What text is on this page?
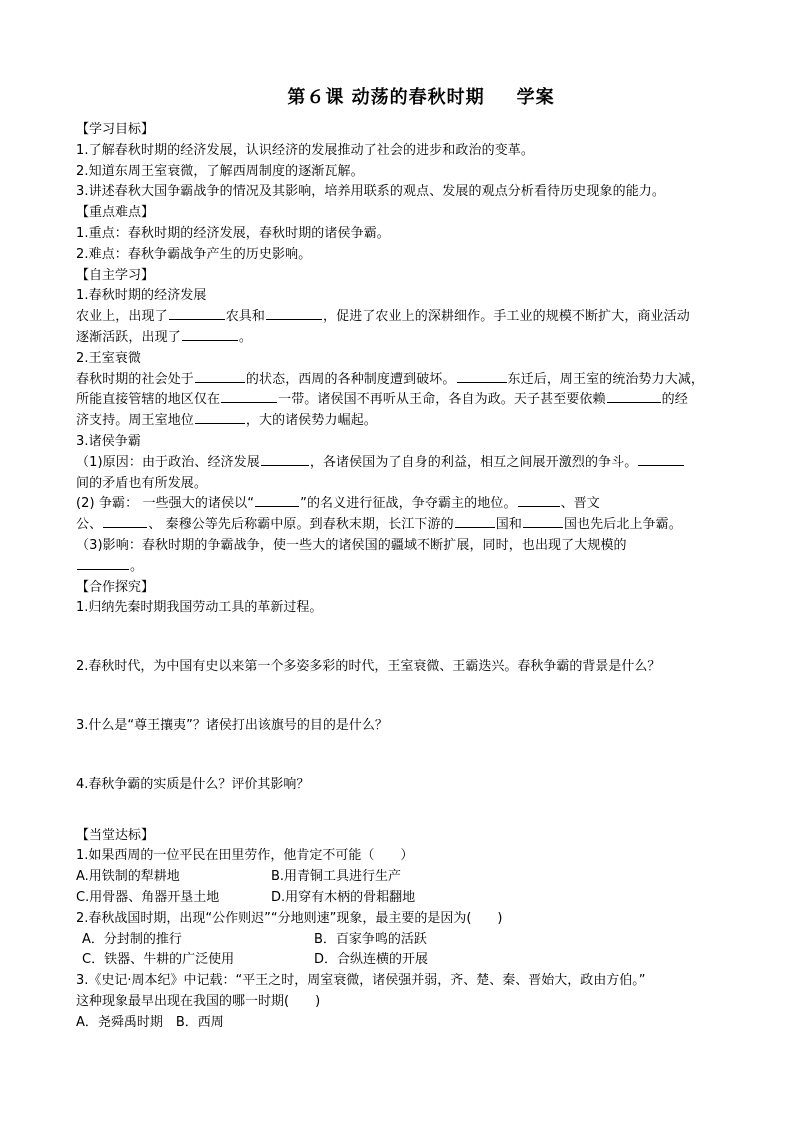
第６课 动荡的春秋时期 学案
【学习目标】
1.了解春秋时期的经济发展，认识经济的发展推动了社会的进步和政治的变革。
2.知道东周王室衰微，了解西周制度的逐渐瓦解。
3.讲述春秋大国争霸战争的情况及其影响，培养用联系的观点、发展的观点分析看待历史现象的能力。
【重点难点】
1.重点：春秋时期的经济发展，春秋时期的诸侯争霸。
2.难点：春秋争霸战争产生的历史影响。
【自主学习】
1.春秋时期的经济发展
农业上，出现了	农具和	，促进了农业上的深耕细作。手工业的规模不断扩大，商业活动
逐渐活跃，出现了	。
2.王室衰微
春秋时期的社会处于	的状态，西周的各种制度遭到破坏。	东迁后，周王室的统治势力大减，
所能直接管辖的地区仅在	一带。诸侯国不再听从王命，各自为政。天子甚至要依赖	的经
济支持。周王室地位	，大的诸侯势力崛起。
3.诸侯争霸
（1)原因：由于政治、经济发展	，各诸侯国为了自身的利益，相互之间展开激烈的争斗。
间的矛盾也有所发展。
(2) 争霸： 一些强大的诸侯以“	”的名义进行征战，争夺霸主的地位。	、晋文
公、	、 秦穆公等先后称霸中原。到春秋末期，长江下游的	国和	国也先后北上争霸。
（3)影响：春秋时期的争霸战争，使一些大的诸侯国的疆域不断扩展，同时，也出现了大规模的
。
【合作探究】
1.归纳先秦时期我国劳动工具的革新过程。
2.春秋时代，为中国有史以来第一个多姿多彩的时代，王室衰微、王霸迭兴。春秋争霸的背景是什么？
3.什么是“尊王攘夷”？诸侯打出该旗号的目的是什么？
4.春秋争霸的实质是什么？评价其影响？
【当堂达标】
1.如果西周的一位平民在田里劳作，他肯定不可能（　　）
A.用铁制的犁耕地	B.用青铜工具进行生产
C.用骨器、角器开垦土地	D.用穿有木柄的骨耜翻地
2.春秋战国时期，出现“公作则迟”“分地则速”现象，最主要的是因为(　　)
A．分封制的推行	B．百家争鸣的活跃
C．铁器、牛耕的广泛使用	D．合纵连横的开展
3.《史记·周本纪》中记载：“平王之时，周室衰微，诸侯强并弱，齐、楚、秦、晋始大，政由方伯。”
这种现象最早出现在我国的哪一时期(　　)
A．尧舜禹时期　B．西周
